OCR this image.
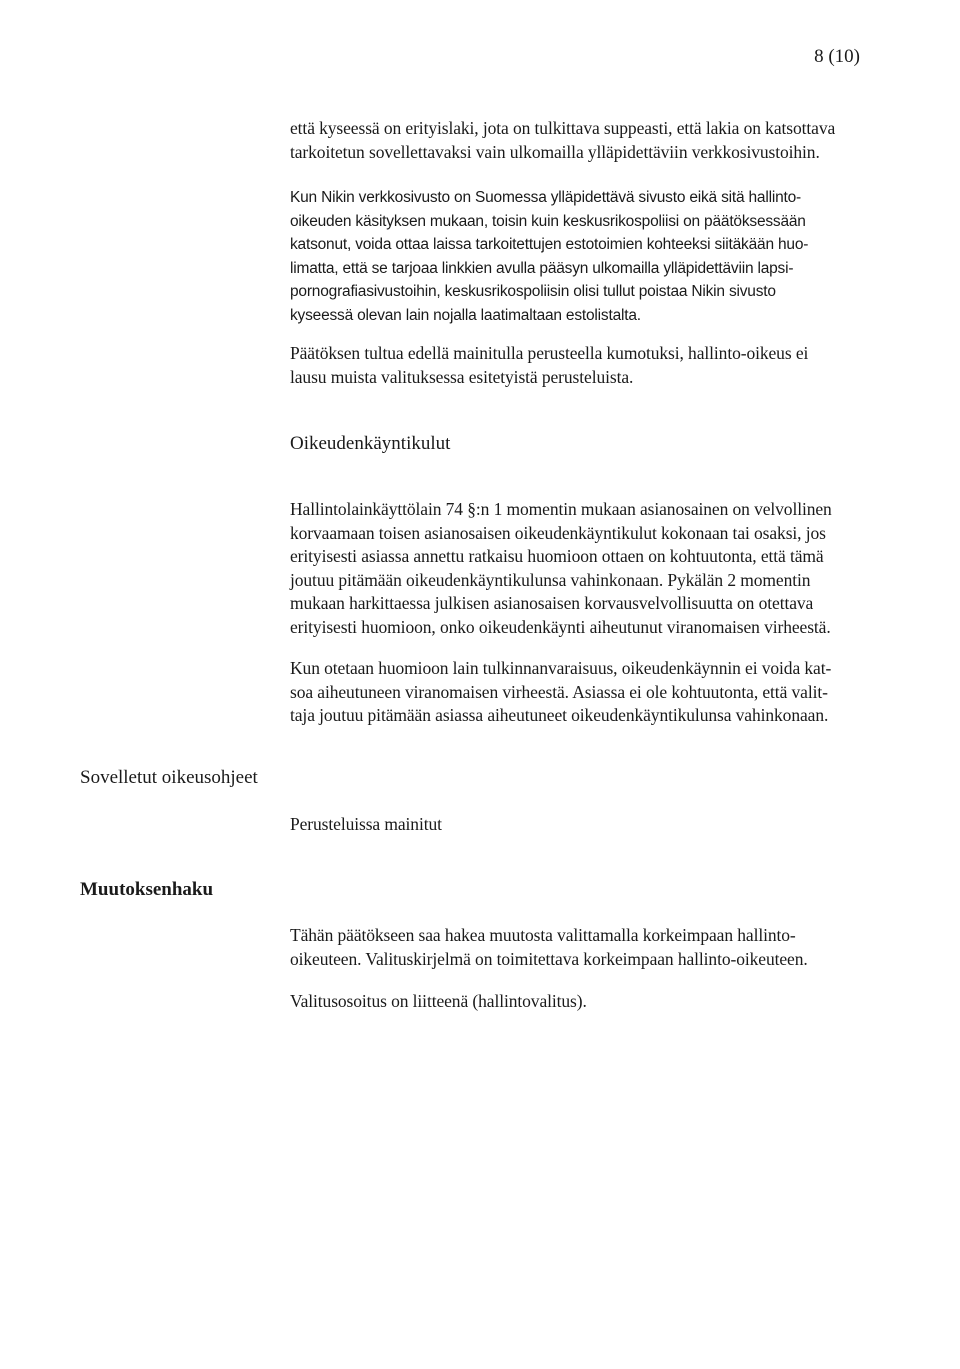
8 (10)
että kyseessä on erityislaki, jota on tulkittava suppeasti, että lakia on katsottava
tarkoitetun sovellettavaksi vain ulkomailla ylläpidettäviin verkkosivustoihin.
Kun Nikin verkkosivusto on Suomessa ylläpidettävä sivusto eikä sitä hallinto-
oikeuden käsityksen mukaan, toisin kuin keskusrikospoliisi on päätöksessään
katsonut, voida ottaa laissa tarkoitettujen estotoimien kohteeksi siitäkään huo-
limatta, että se tarjoaa linkkien avulla pääsyn ulkomailla ylläpidettäviin lapsi-
pornografiasivustoihin, keskusrikospoliisin olisi tullut poistaa Nikin sivusto
kyseessä olevan lain nojalla laatimaltaan estolistalta.
Päätöksen tultua edellä mainitulla perusteella kumotuksi, hallinto-oikeus ei
lausu muista valituksessa esitetyistä perusteluista.
Oikeudenkäyntikulut
Hallintolainkäyttölain 74 §:n 1 momentin mukaan asianosainen on velvollinen
korvaamaan toisen asianosaisen oikeudenkäyntikulut kokonaan tai osaksi, jos
erityisesti asiassa annettu ratkaisu huomioon ottaen on kohtuutonta, että tämä
joutuu pitämään oikeudenkäyntikulunsa vahinkonaan. Pykälän 2 momentin
mukaan harkittaessa julkisen asianosaisen korvausvelvollisuutta on otettava
erityisesti huomioon, onko oikeudenkäynti aiheutunut viranomaisen virheestä.
Kun otetaan huomioon lain tulkinnanvaraisuus, oikeudenkäynnin ei voida kat-
soa aiheutuneen viranomaisen virheestä. Asiassa ei ole kohtuutonta, että valit-
taja joutuu pitämään asiassa aiheutuneet oikeudenkäyntikulunsa vahinkonaan.
Sovelletut oikeusohjeet
Perusteluissa mainitut
Muutoksenhaku
Tähän päätökseen saa hakea muutosta valittamalla korkeimpaan hallinto-
oikeuteen. Valituskirjelmä on toimitettava korkeimpaan hallinto-oikeuteen.
Valitusosoitus on liitteenä (hallintovalitus).
